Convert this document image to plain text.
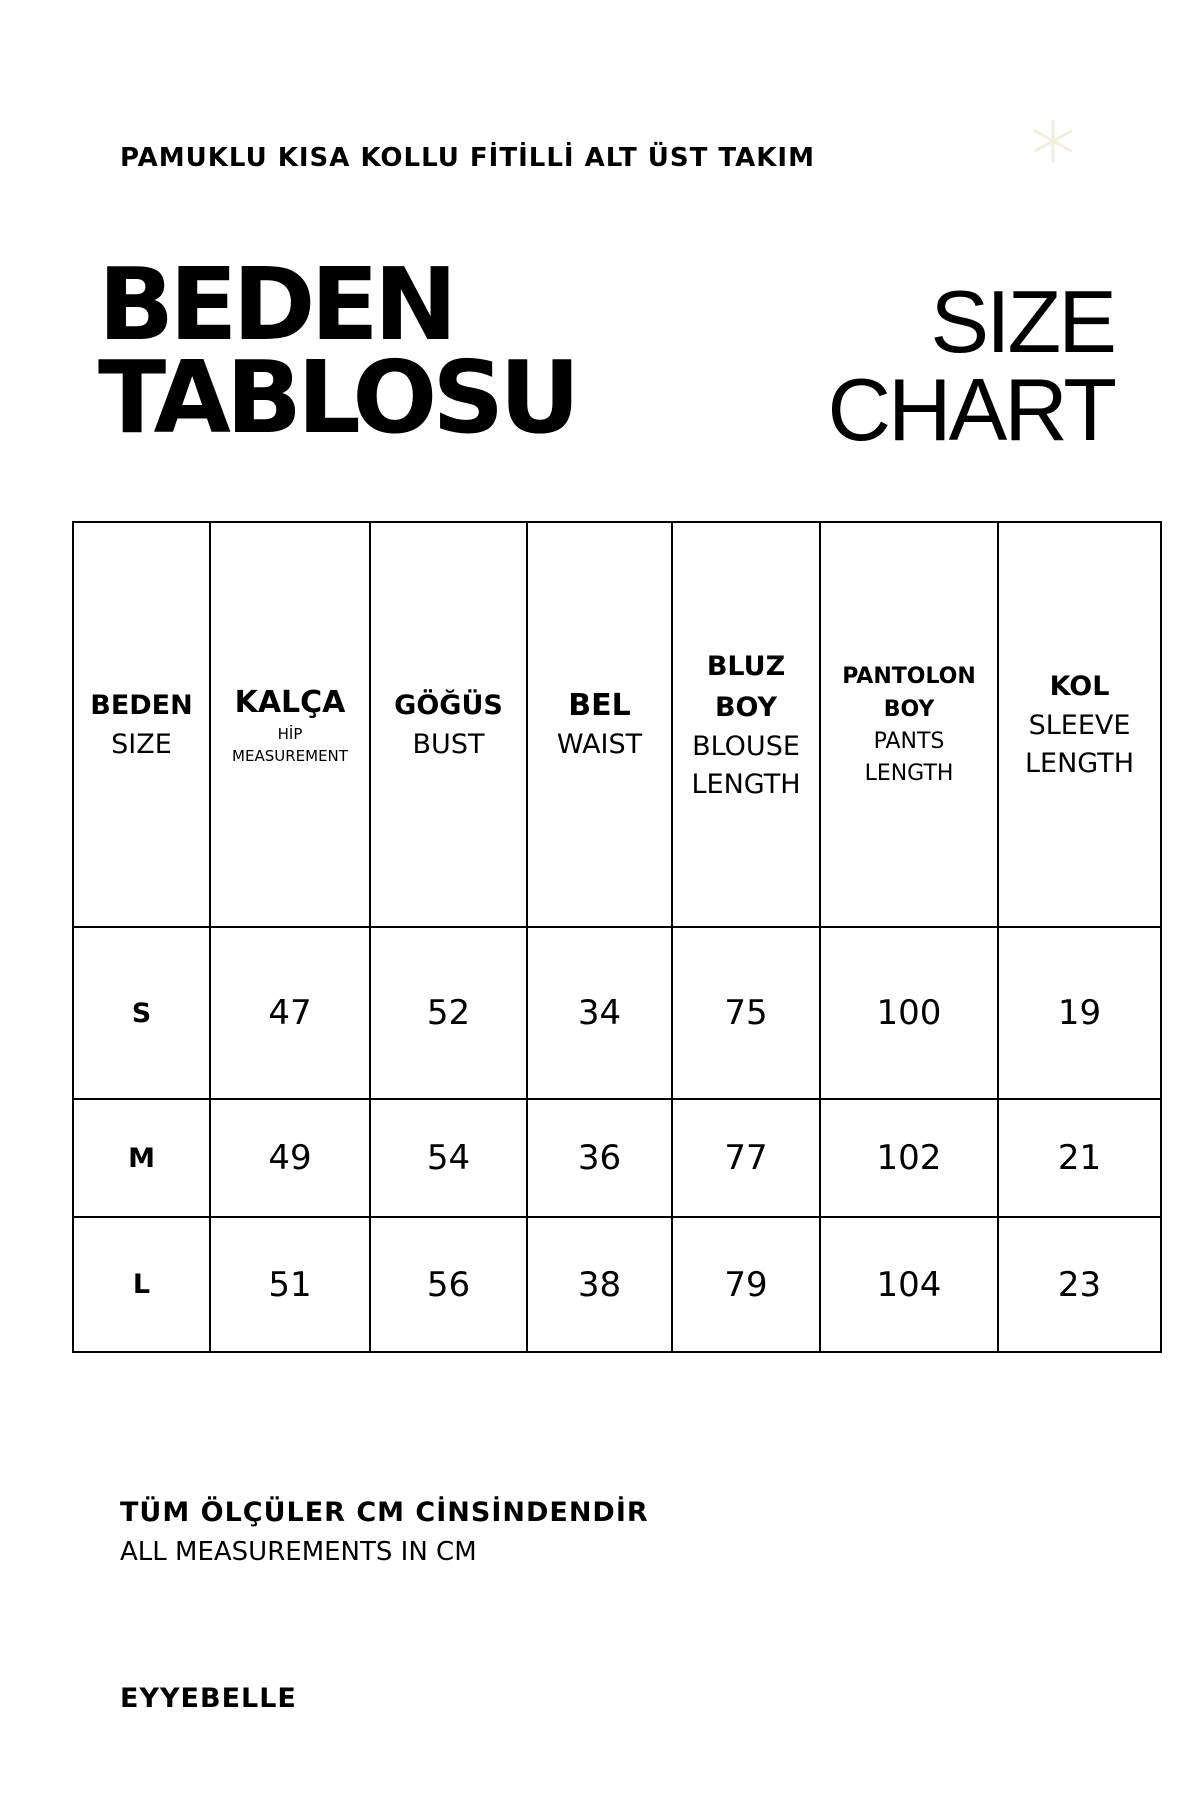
PAMUKLU KISA KOLLU FİTİLLİ ALT ÜST TAKIM
BEDEN
TABLOSU
SIZE
CHART
BEDEN
SIZE	KALÇA
HİP
MEASUREMENT	GÖĞÜS
BUST	BEL
WAIST	BLUZ
BOY
BLOUSE
LENGTH	PANTOLON
BOY
PANTS
LENGTH	KOL
SLEEVE
LENGTH

S	47	52	34	75	100	19
M	49	54	36	77	102	21
L	51	56	38	79	104	23
TÜM ÖLÇÜLER CM CİNSİNDENDİR
ALL MEASUREMENTS IN CM
EYYEBELLE
